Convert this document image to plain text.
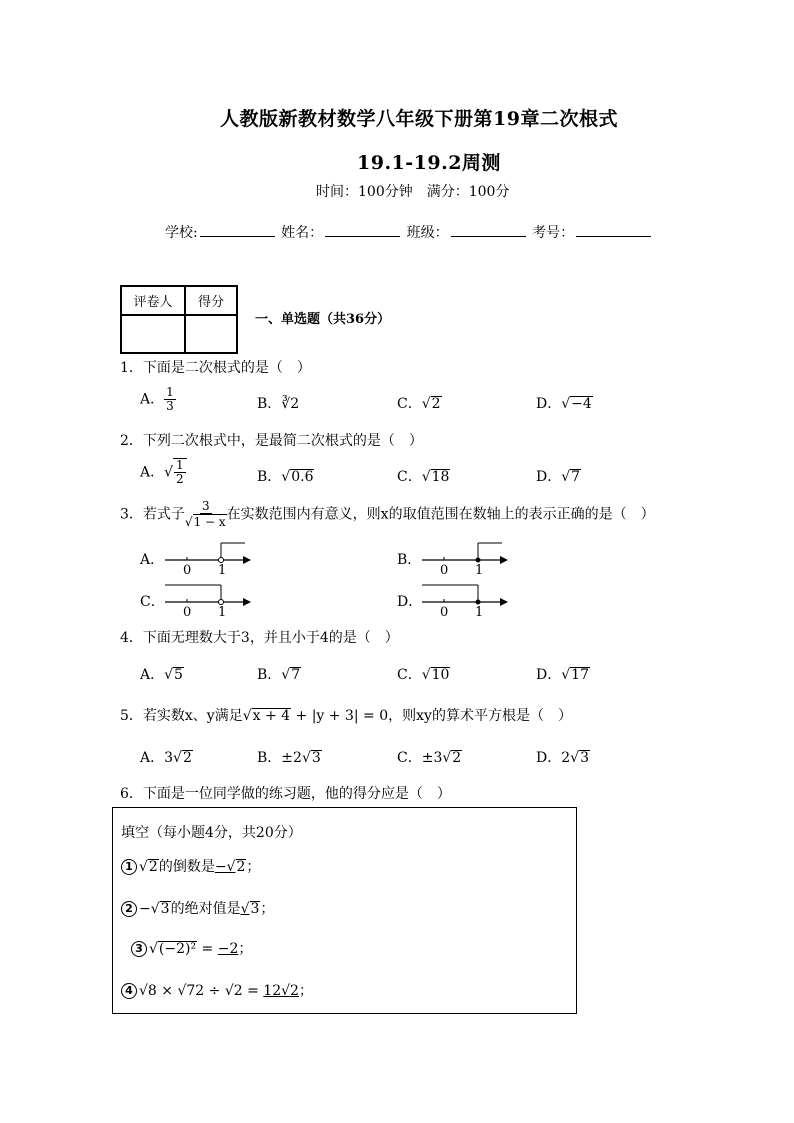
人教版新教材数学八年级下册第19章二次根式
19.1-19.2周测
时间：100分钟　满分：100分
学校:	姓名：	班级：	考号：
评卷人	得分

一、单选题（共36分）
1．下面是二次根式的是（　）
A． $\frac{1}{3}$	B．∛2	C．√2	D．√−4
2．下列二次根式中，是最简二次根式的是（　）
A．√ $\frac{1}{2}$	B．√0.6	C．√18	D．√7
3．若式子 $\frac{3}{√1 - x}$ 在实数范围内有意义，则x的取值范围在数轴上的表示正确的是（　）
A．
0 1
B．
0 1
C．
0 1
D．
0 1
4．下面无理数大于3，并且小于4的是（　）
A．√5	B．√7	C．√10	D．√17
5．若实数x、y满足√x + 4 + |y + 3| = 0，则xy的算术平方根是（　）
A．3√2	B．±2√3	C．±3√2	D．2√3
6．下面是一位同学做的练习题，他的得分应是（　）
填空（每小题4分，共20分）
1 √2的倒数是−√2；
2 −√3的绝对值是√3；
3 √(−2)² = −2；
4 √8 × √72 ÷ √2 = 12√2；
